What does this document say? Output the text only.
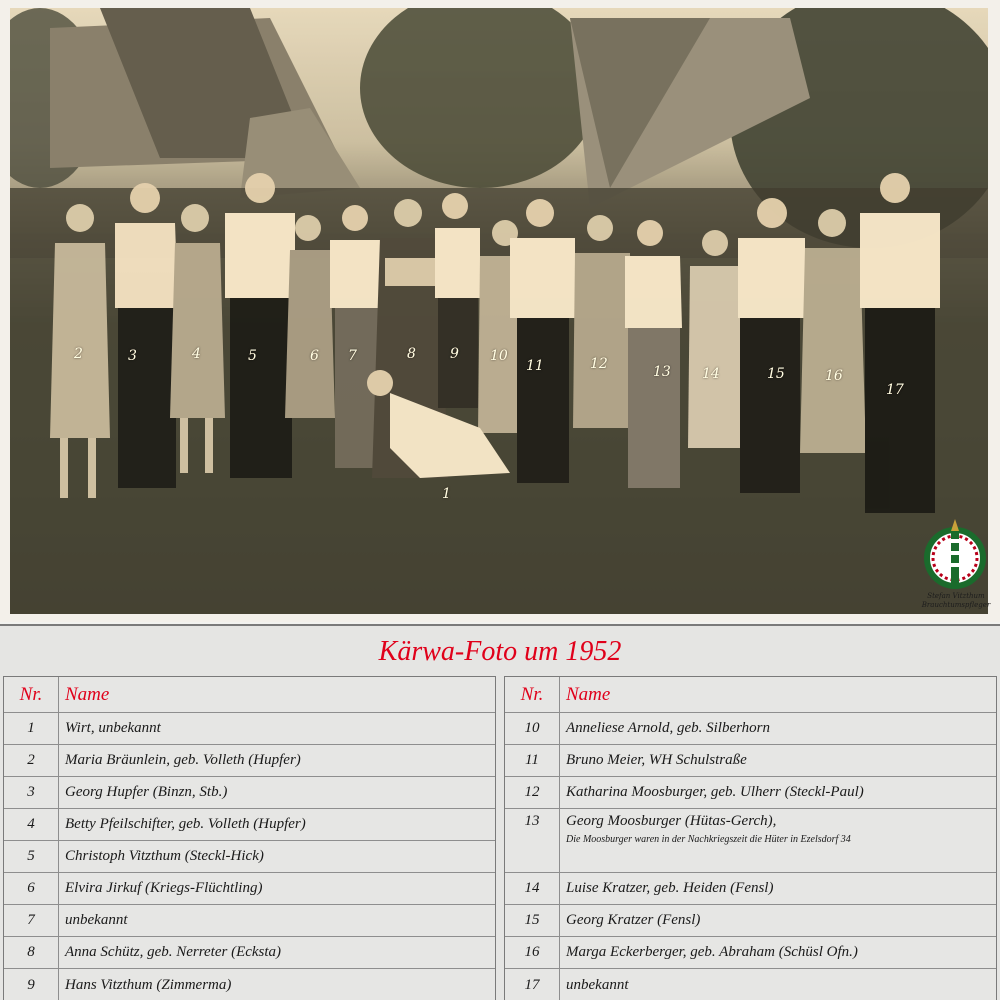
1
2	3	4	5	6 7	8 9 10
11	12	13 14	15	16
17
Stefan Vitzthum
Brauchtumspfleger
Kärwa-Foto um 1952
Nr.	Name
1	Wirt, unbekannt
2	Maria Bräunlein, geb. Volleth (Hupfer)
3	Georg Hupfer (Binzn, Stb.)
4	Betty Pfeilschifter, geb. Volleth (Hupfer)
5	Christoph Vitzthum (Steckl-Hick)
6	Elvira Jirkuf (Kriegs-Flüchtling)
7	unbekannt
8	Anna Schütz, geb. Nerreter (Ecksta)
9	Hans Vitzthum (Zimmerma)
Nr.	Name
10	Anneliese Arnold, geb. Silberhorn
11	Bruno Meier, WH Schulstraße
12	Katharina Moosburger, geb. Ulherr (Steckl-Paul)
13	Georg Moosburger (Hütas-Gerch),
Die Moosburger waren in der Nachkriegszeit die Hüter in Ezelsdorf 34
14	Luise Kratzer, geb. Heiden (Fensl)
15	Georg Kratzer (Fensl)
16	Marga Eckerberger, geb. Abraham (Schüsl Ofn.)
17	unbekannt
